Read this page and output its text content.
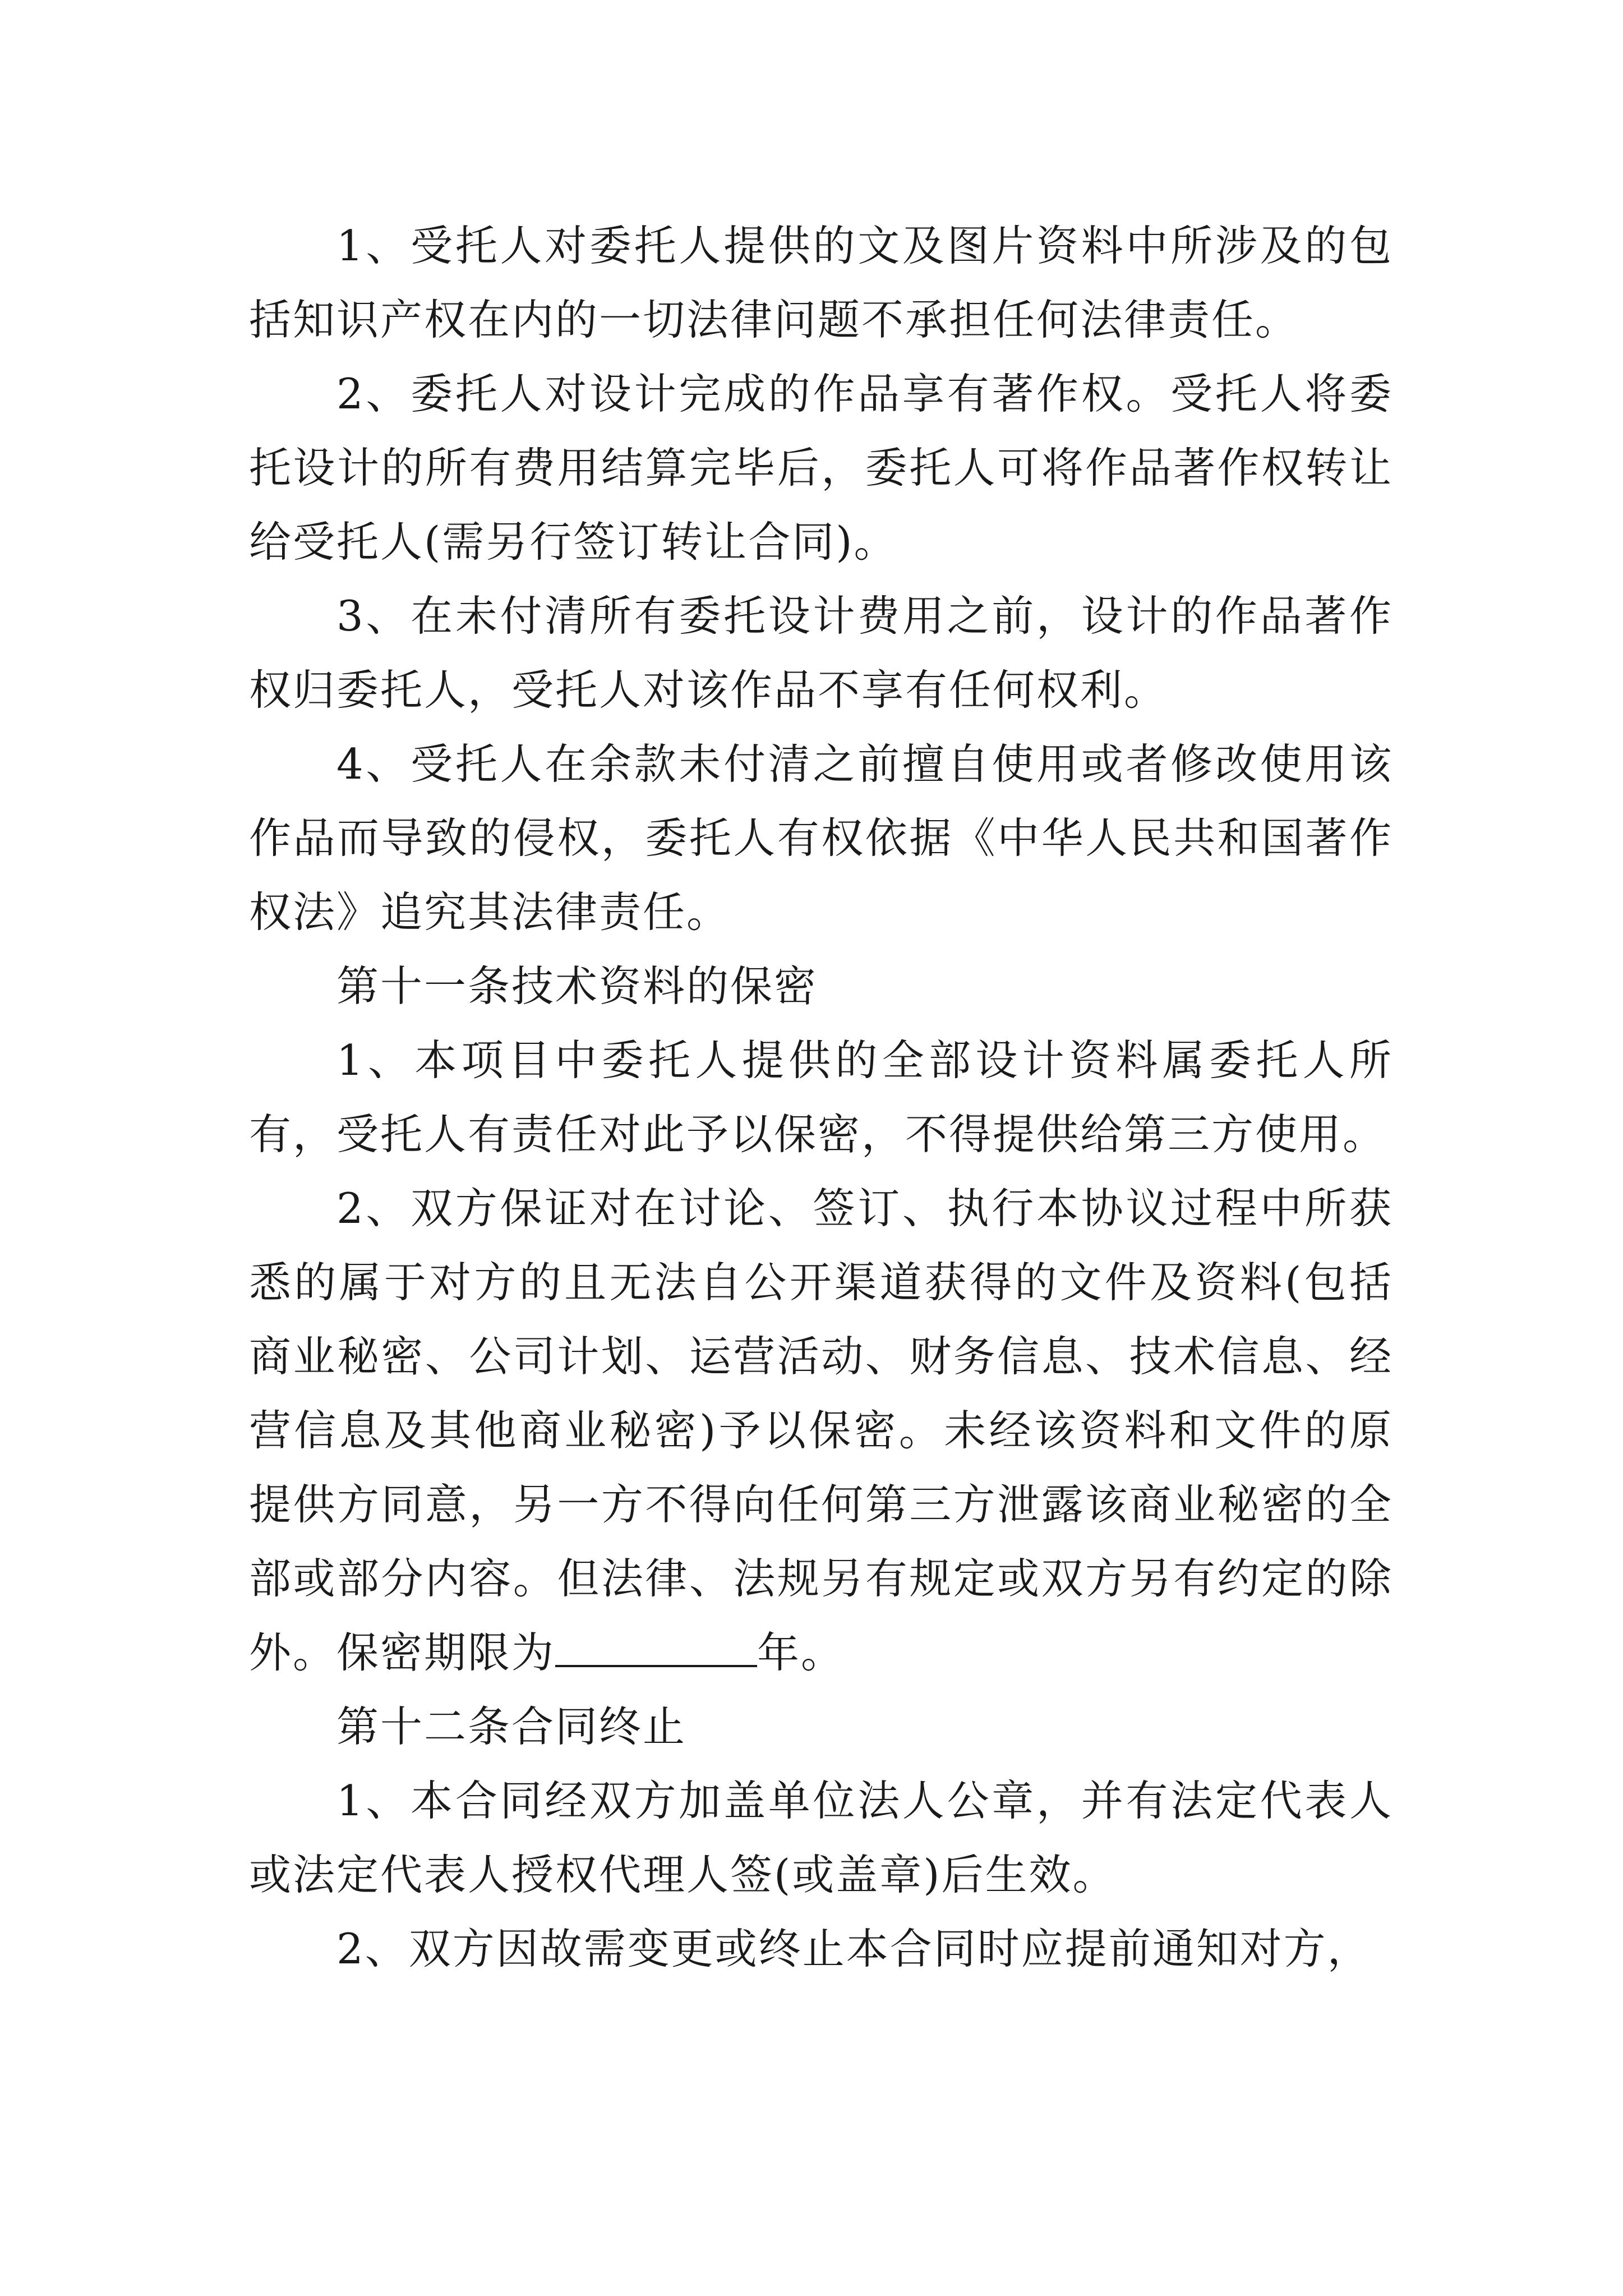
1、受托人对委托人提供的文及图片资料中所涉及的包括知识产权在内的一切法律问题不承担任何法律责任。

2、委托人对设计完成的作品享有著作权。受托人将委托设计的所有费用结算完毕后，委托人可将作品著作权转让给受托人(需另行签订转让合同)。

3、在未付清所有委托设计费用之前，设计的作品著作权归委托人，受托人对该作品不享有任何权利。

4、受托人在余款未付清之前擅自使用或者修改使用该作品而导致的侵权，委托人有权依据《中华人民共和国著作权法》追究其法律责任。

第十一条技术资料的保密

1、本项目中委托人提供的全部设计资料属委托人所有，受托人有责任对此予以保密，不得提供给第三方使用。

2、双方保证对在讨论、签订、执行本协议过程中所获悉的属于对方的且无法自公开渠道获得的文件及资料(包括商业秘密、公司计划、运营活动、财务信息、技术信息、经营信息及其他商业秘密)予以保密。未经该资料和文件的原提供方同意，另一方不得向任何第三方泄露该商业秘密的全部或部分内容。但法律、法规另有规定或双方另有约定的除外。保密期限为	年。

第十二条合同终止

1、本合同经双方加盖单位法人公章，并有法定代表人或法定代表人授权代理人签(或盖章)后生效。

2、双方因故需变更或终止本合同时应提前通知对方，
